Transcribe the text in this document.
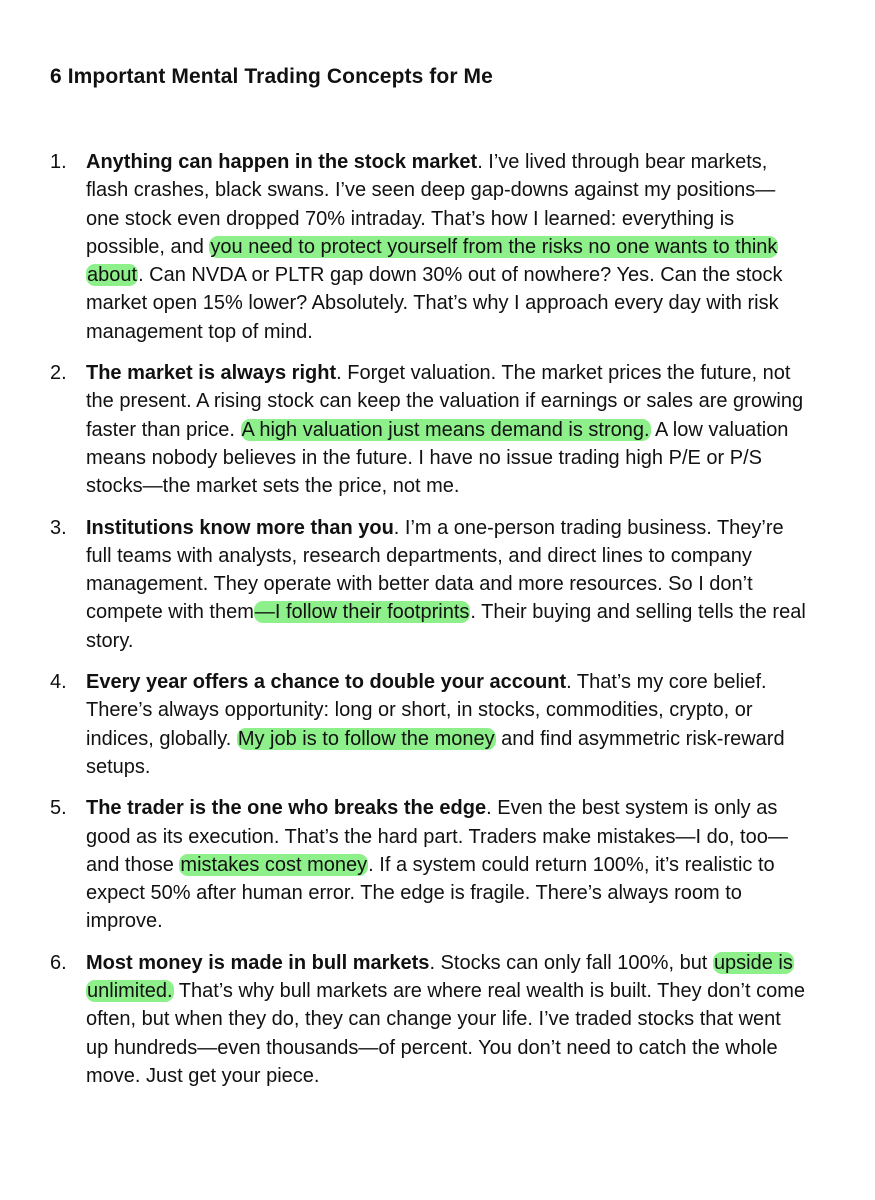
6 Important Mental Trading Concepts for Me
1. Anything can happen in the stock market. I’ve lived through bear markets, flash crashes, black swans. I’ve seen deep gap-downs against my positions—one stock even dropped 70% intraday. That’s how I learned: everything is possible, and you need to protect yourself from the risks no one wants to think about. Can NVDA or PLTR gap down 30% out of nowhere? Yes. Can the stock market open 15% lower? Absolutely. That’s why I approach every day with risk management top of mind.
2. The market is always right. Forget valuation. The market prices the future, not the present. A rising stock can keep the valuation if earnings or sales are growing faster than price. A high valuation just means demand is strong. A low valuation means nobody believes in the future. I have no issue trading high P/E or P/S stocks—the market sets the price, not me.
3. Institutions know more than you. I’m a one-person trading business. They’re full teams with analysts, research departments, and direct lines to company management. They operate with better data and more resources. So I don’t compete with them—I follow their footprints. Their buying and selling tells the real story.
4. Every year offers a chance to double your account. That’s my core belief. There’s always opportunity: long or short, in stocks, commodities, crypto, or indices, globally. My job is to follow the money and find asymmetric risk-reward setups.
5. The trader is the one who breaks the edge. Even the best system is only as good as its execution. That’s the hard part. Traders make mistakes—I do, too—and those mistakes cost money. If a system could return 100%, it’s realistic to expect 50% after human error. The edge is fragile. There’s always room to improve.
6. Most money is made in bull markets. Stocks can only fall 100%, but upside is unlimited. That’s why bull markets are where real wealth is built. They don’t come often, but when they do, they can change your life. I’ve traded stocks that went up hundreds—even thousands—of percent. You don’t need to catch the whole move. Just get your piece.
